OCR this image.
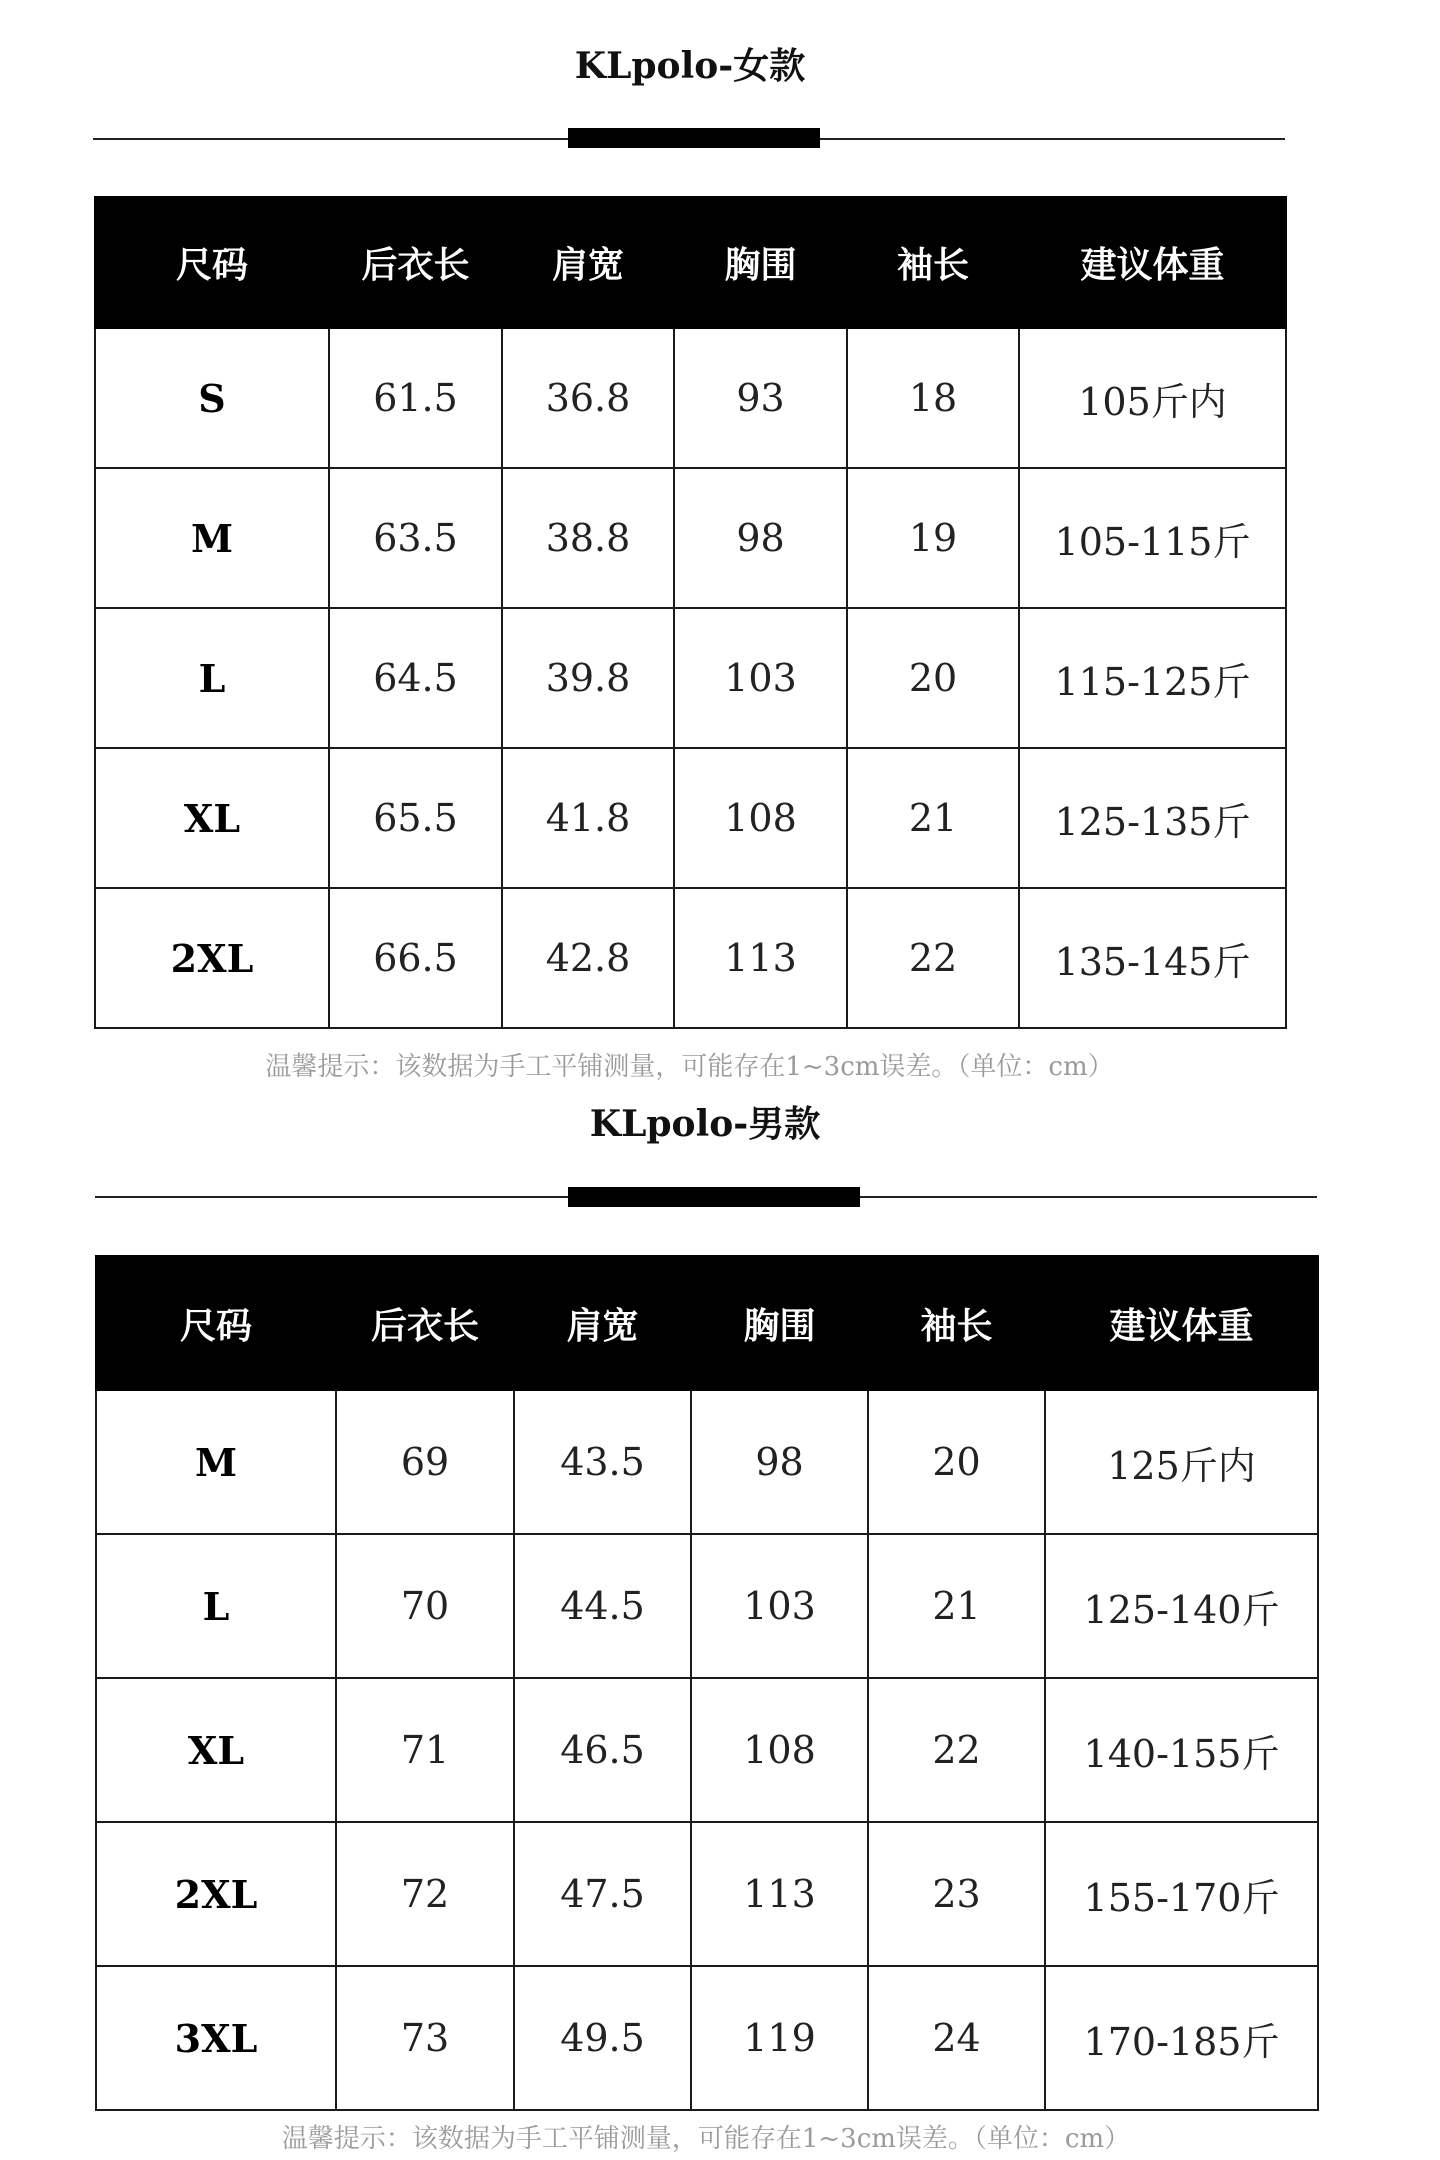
KLpolo-女款
尺码	后衣长	肩宽	胸围	袖长	建议体重
S	61.5	36.8	93	18	105斤内
M	63.5	38.8	98	19	105-115斤
L	64.5	39.8	103	20	115-125斤
XL	65.5	41.8	108	21	125-135斤
2XL	66.5	42.8	113	22	135-145斤
温馨提示：该数据为手工平铺测量，可能存在1~3cm误差。（单位：cm）
KLpolo-男款
尺码	后衣长	肩宽	胸围	袖长	建议体重
M	69	43.5	98	20	125斤内
L	70	44.5	103	21	125-140斤
XL	71	46.5	108	22	140-155斤
2XL	72	47.5	113	23	155-170斤
3XL	73	49.5	119	24	170-185斤
温馨提示：该数据为手工平铺测量，可能存在1~3cm误差。（单位：cm）
